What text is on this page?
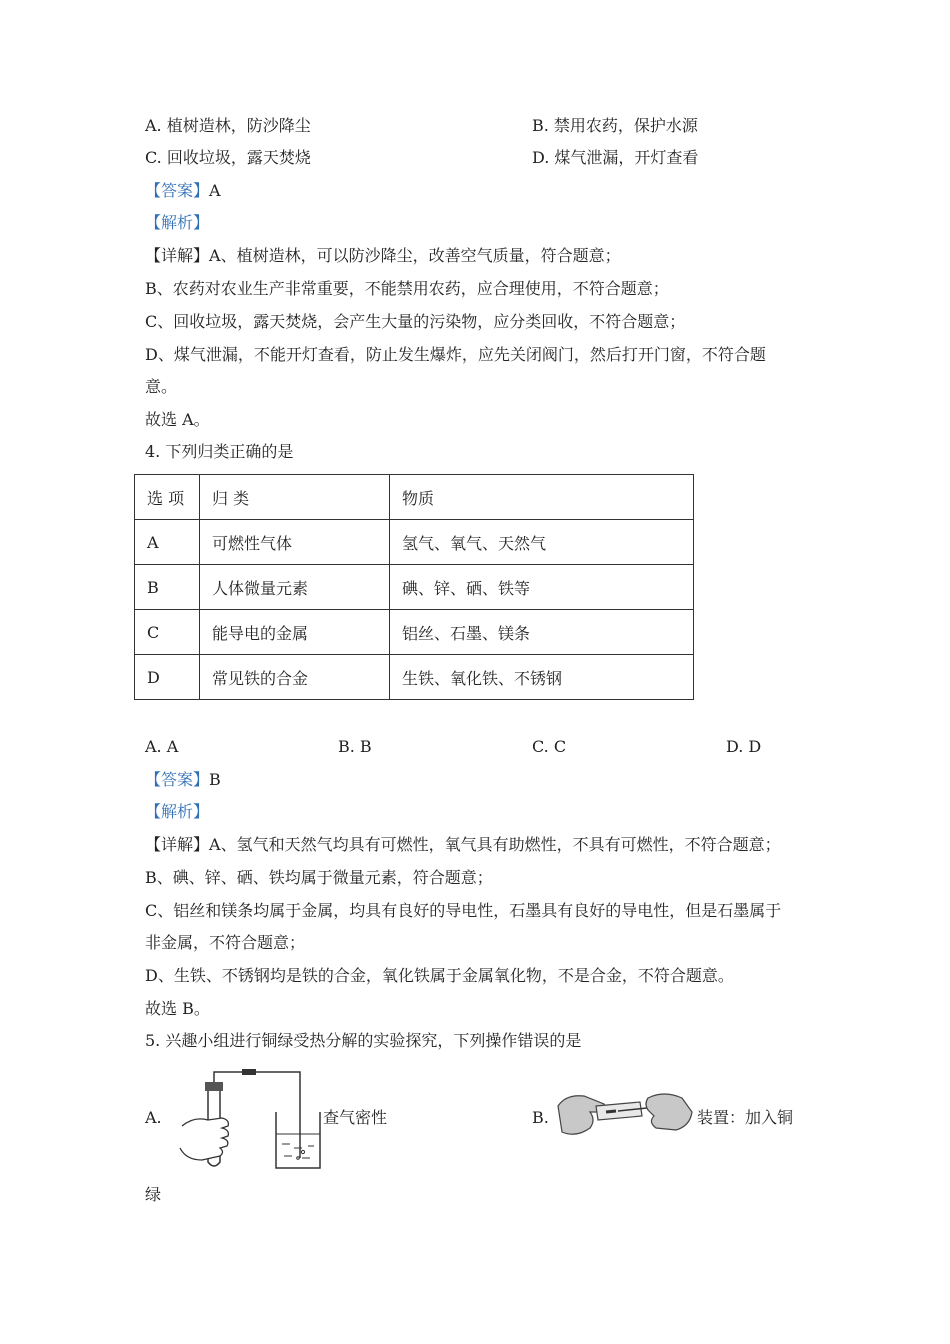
A. 植树造林，防沙降尘	B. 禁用农药，保护水源
C. 回收垃圾，露天焚烧	D. 煤气泄漏，开灯查看
【答案】A
【解析】
【详解】A、植树造林，可以防沙降尘，改善空气质量，符合题意；
B、农药对农业生产非常重要，不能禁用农药，应合理使用，不符合题意；
C、回收垃圾，露天焚烧，会产生大量的污染物，应分类回收，不符合题意；
D、煤气泄漏，不能开灯查看，防止发生爆炸，应先关闭阀门，然后打开门窗，不符合题
意。
故选 A。
4. 下列归类正确的是
选 项	归 类	物质
A	可燃性气体	氢气、氧气、天然气
B	人体微量元素	碘、锌、硒、铁等
C	能导电的金属	铝丝、石墨、镁条
D	常见铁的合金	生铁、氧化铁、不锈钢
A. A	B. B	C. C	D. D
【答案】B
【解析】
【详解】A、氢气和天然气均具有可燃性，氧气具有助燃性，不具有可燃性，不符合题意；
B、碘、锌、硒、铁均属于微量元素，符合题意；
C、铝丝和镁条均属于金属，均具有良好的导电性，石墨具有良好的导电性，但是石墨属于
非金属，不符合题意；
D、生铁、不锈钢均是铁的合金，氧化铁属于金属氧化物，不是合金，不符合题意。
故选 B。
5. 兴趣小组进行铜绿受热分解的实验探究，下列操作错误的是
A.	查气密性	B.	装置：加入铜
绿
